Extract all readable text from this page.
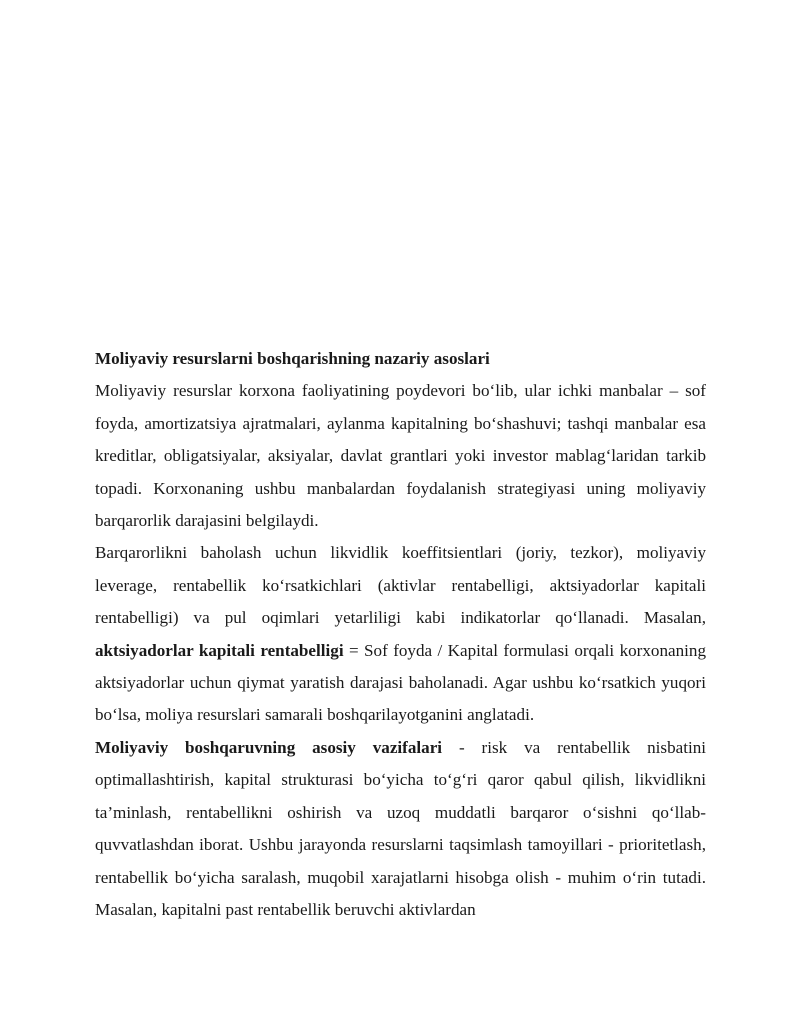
Moliyaviy resurslarni boshqarishning nazariy asoslari

Moliyaviy resurslar korxona faoliyatining poydevori bo‘lib, ular ichki manbalar – sof foyda, amortizatsiya ajratmalari, aylanma kapitalning bo‘shashuvi; tashqi manbalar esa kreditlar, obligatsiyalar, aksiyalar, davlat grantlari yoki investor mablag‘laridan tarkib topadi. Korxonaning ushbu manbalardan foydalanish strategiyasi uning moliyaviy barqarorlik darajasini belgilaydi.

Barqarorlikni baholash uchun likvidlik koeffitsientlari (joriy, tezkor), moliyaviy leverage, rentabellik ko‘rsatkichlari (aktivlar rentabelligi, aktsiyadorlar kapitali rentabelligi) va pul oqimlari yetarliligi kabi indikatorlar qo‘llanadi. Masalan, aktsiyadorlar kapitali rentabelligi = Sof foyda / Kapital formulasi orqali korxonaning aktsiyadorlar uchun qiymat yaratish darajasi baholanadi. Agar ushbu ko‘rsatkich yuqori bo‘lsa, moliya resurslari samarali boshqarilayotganini anglatadi.

Moliyaviy boshqaruvning asosiy vazifalari - risk va rentabellik nisbatini optimallashtirish, kapital strukturasi bo‘yicha to‘g‘ri qaror qabul qilish, likvidlikni ta’minlash, rentabellikni oshirish va uzoq muddatli barqaror o‘sishni qo‘llab-quvvatlashdan iborat. Ushbu jarayonda resurslarni taqsimlash tamoyillari - prioritetlash, rentabellik bo‘yicha saralash, muqobil xarajatlarni hisobga olish - muhim o‘rin tutadi. Masalan, kapitalni past rentabellik beruvchi aktivlardan
